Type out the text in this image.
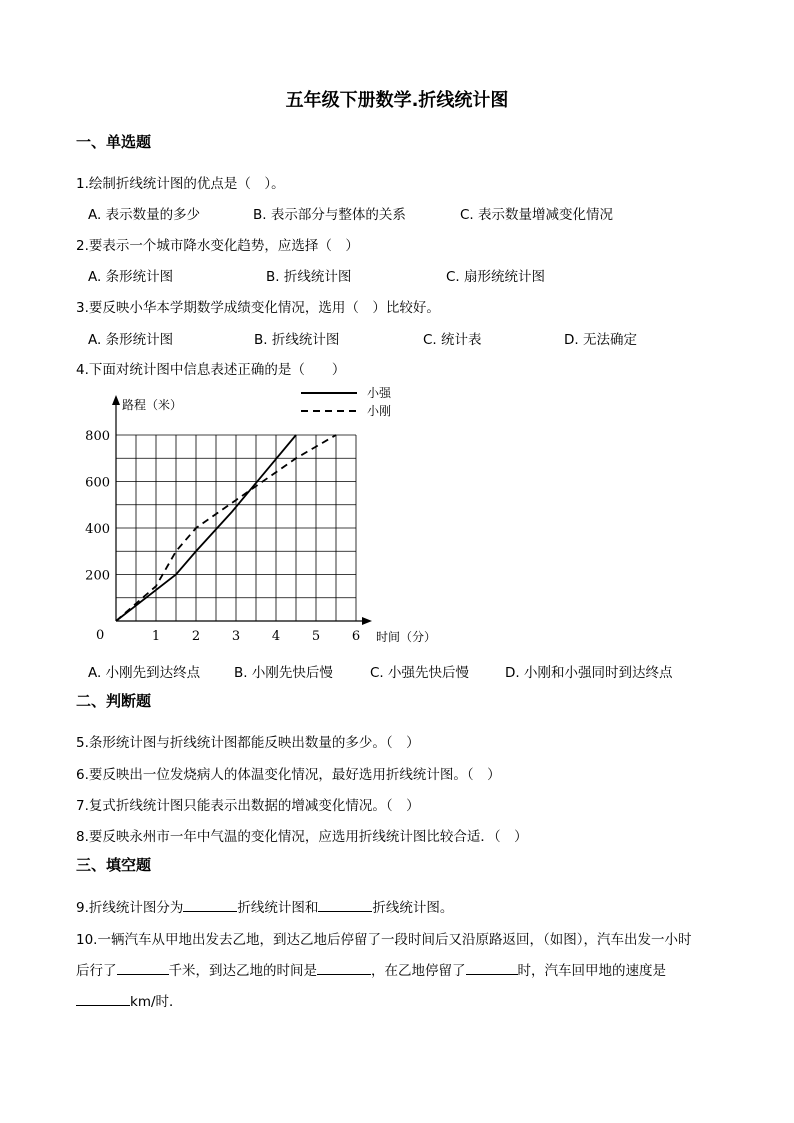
五年级下册数学.折线统计图
一、单选题
1.绘制折线统计图的优点是（　）。
A. 表示数量的多少	B. 表示部分与整体的关系	C. 表示数量增减变化情况
2.要表示一个城市降水变化趋势，应选择（　）
A. 条形统计图	B. 折线统计图	C. 扇形统统计图
3.要反映小华本学期数学成绩变化情况，选用（　）比较好。
A. 条形统计图	B. 折线统计图	C. 统计表	D. 无法确定
4.下面对统计图中信息表述正确的是（　　）
0	1 2 3 4 5 6
200
400
600
800
小强
小刚
路程（米）
时间（分）
A. 小刚先到达终点	B. 小刚先快后慢	C. 小强先快后慢	D. 小刚和小强同时到达终点
二、判断题
5.条形统计图与折线统计图都能反映出数量的多少。（　）
6.要反映出一位发烧病人的体温变化情况，最好选用折线统计图。（　）
7.复式折线统计图只能表示出数据的增减变化情况。（　）
8.要反映永州市一年中气温的变化情况，应选用折线统计图比较合适．（　）
三、填空题
9.折线统计图分为	折线统计图和	折线统计图。
10.一辆汽车从甲地出发去乙地，到达乙地后停留了一段时间后又沿原路返回，（如图），汽车出发一小时
后行了	千米，到达乙地的时间是	，在乙地停留了	时，汽车回甲地的速度是
km/时．
